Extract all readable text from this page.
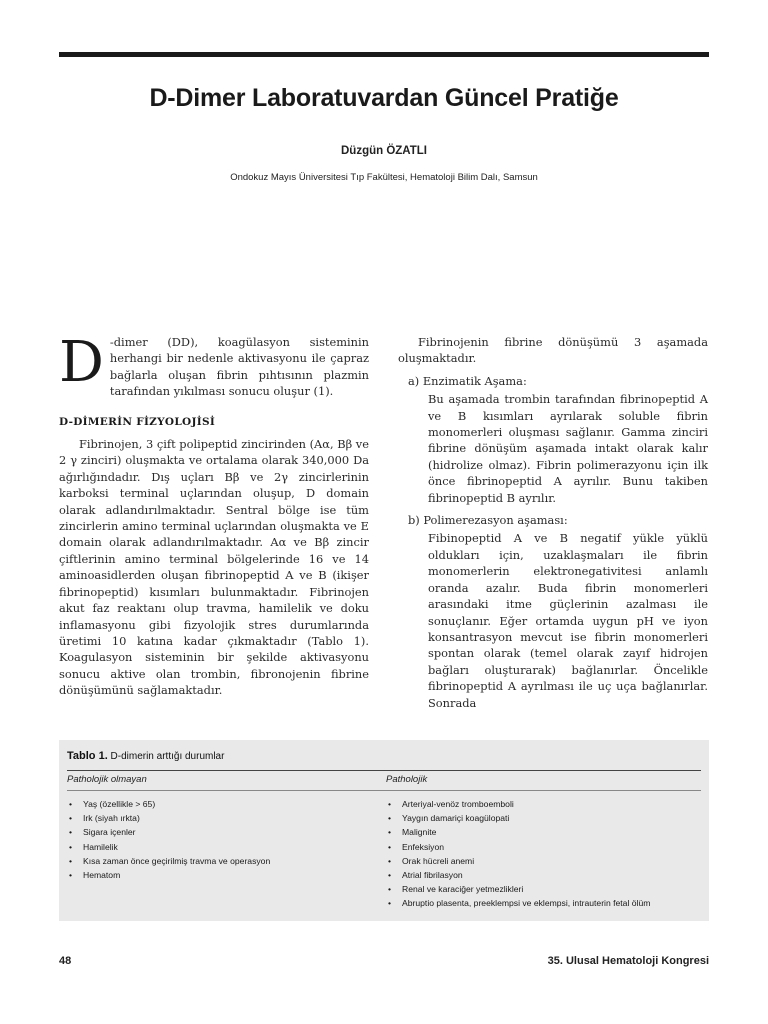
D-Dimer Laboratuvardan Güncel Pratiğe
Düzgün ÖZATLI
Ondokuz Mayıs Üniversitesi Tıp Fakültesi, Hematoloji Bilim Dalı, Samsun

D -dimer (DD), koagülasyon sisteminin herhangi bir nedenle aktivasyonu ile çapraz bağlarla oluşan fibrin pıhtısının plazmin tarafından yıkılması sonucu oluşur (1).

D-DİMERİN FİZYOLOJİSİ

Fibrinojen, 3 çift polipeptid zincirinden (Aα, Bβ ve 2 γ zinciri) oluşmakta ve ortalama olarak 340,000 Da ağırlığındadır. Dış uçları Bβ ve 2γ zincirlerinin karboksi terminal uçlarından oluşup, D domain olarak adlandırılmaktadır. Sentral bölge ise tüm zincirlerin amino terminal uçlarından oluşmakta ve E domain olarak adlandırılmaktadır. Aα ve Bβ zincir çiftlerinin amino terminal bölgelerinde 16 ve 14 aminoasidlerden oluşan fibrinopeptid A ve B (ikişer fibrinopeptid) kısımları bulunmaktadır. Fibrinojen akut faz reaktanı olup travma, hamilelik ve doku inflamasyonu gibi fizyolojik stres durumlarında üretimi 10 katına kadar çıkmaktadır (Tablo 1). Koagulasyon sisteminin bir şekilde aktivasyonu sonucu aktive olan trombin, fibronojenin fibrine dönüşümünü sağlamaktadır.

Fibrinojenin fibrine dönüşümü 3 aşamada oluşmaktadır.

a) Enzimatik Aşama:

Bu aşamada trombin tarafından fibrinopeptid A ve B kısımları ayrılarak soluble fibrin monomerleri oluşması sağlanır. Gamma zinciri fibrine dönüşüm aşamada intakt olarak kalır (hidrolize olmaz). Fibrin polimerazyonu için ilk önce fibrinopeptid A ayrılır. Bunu takiben fibrinopeptid B ayrılır.

b) Polimerezasyon aşaması:

Fibinopeptid A ve B negatif yükle yüklü oldukları için, uzaklaşmaları ile fibrin monomerlerin elektronegativitesi anlamlı oranda azalır. Buda fibrin monomerleri arasındaki itme güçlerinin azalması ile sonuçlanır. Eğer ortamda uygun pH ve iyon konsantrasyon mevcut ise fibrin monomerleri spontan olarak (temel olarak zayıf hidrojen bağları oluşturarak) bağlanırlar. Öncelikle fibrinopeptid A ayrılması ile uç uça bağlanırlar. Sonrada

Tablo 1. D-dimerin arttığı durumlar
Patholojik olmayan	Patholojik
• Yaş (özellikle > 65)
• Irk (siyah ırkta)
• Sigara içenler
• Hamilelik
• Kısa zaman önce geçirilmiş travma ve operasyon
• Hematom
• Arteriyal-venöz tromboemboli
• Yaygın damariçi koagülopati
• Malignite
• Enfeksiyon
• Orak hücreli anemi
• Atrial fibrilasyon
• Renal ve karaciğer yetmezlikleri
• Abruptio plasenta, preeklempsi ve eklempsi, intrauterin fetal ölüm
48	35. Ulusal Hematoloji Kongresi
